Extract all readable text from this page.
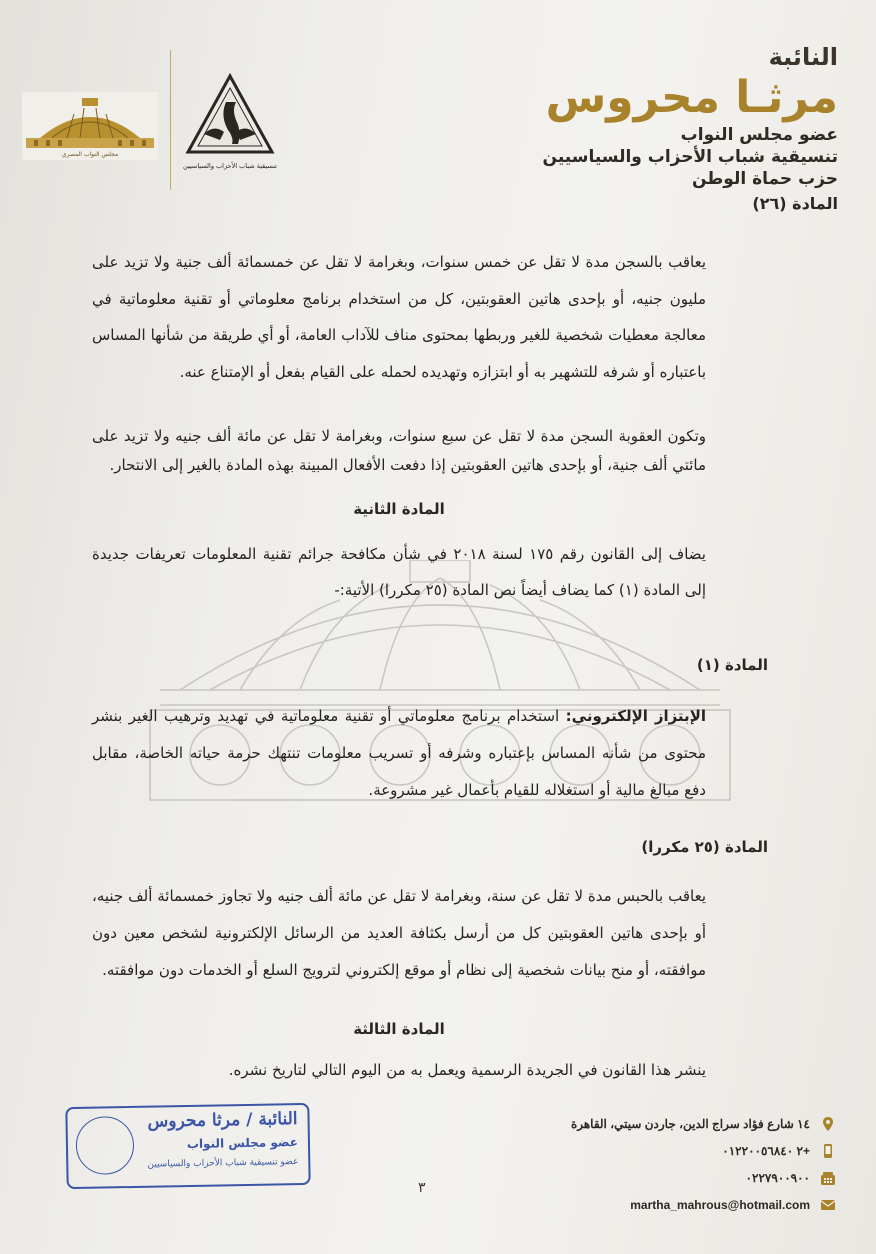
مجلس النواب المصري
تنسيقية شباب الأحزاب والسياسيين
النائبة
مرثـا محروس
عضو مجلس النواب
تنسيقية شباب الأحزاب والسياسيين
حزب حماة الوطن
المادة (٢٦)
يعاقب بالسجن مدة لا تقل عن خمس سنوات، وبغرامة لا تقل عن خمسمائة ألف جنية ولا تزيد على مليون جنيه، أو بإحدى هاتين العقوبتين، كل من استخدام برنامج معلوماتي أو تقنية معلوماتية في معالجة معطيات شخصية للغير وربطها بمحتوى مناف للآداب العامة، أو أي طريقة من شأنها المساس باعتباره أو شرفه للتشهير به أو ابتزازه وتهديده لحمله على القيام بفعل أو الإمتناع عنه.
وتكون العقوبة السجن مدة لا تقل عن سبع سنوات، وبغرامة لا تقل عن مائة ألف جنيه ولا تزيد على مائتي ألف جنية، أو بإحدى هاتين العقوبتين إذا دفعت الأفعال المبينة بهذه المادة بالغير إلى الانتحار.
المادة الثانية
يضاف إلى القانون رقم ١٧٥ لسنة ٢٠١٨ في شأن مكافحة جرائم تقنية المعلومات تعريفات جديدة إلى المادة (١) كما يضاف أيضاً نص المادة (٢٥ مكررا) الأتية:-
المادة (١)
الإبتزاز الإلكتروني: استخدام برنامج معلوماتي أو تقنية معلوماتية في تهديد وترهيب الغير بنشر محتوى من شأنه المساس بإعتباره وشرفه أو تسريب معلومات تنتهك حرمة حياته الخاصة، مقابل دفع مبالغ مالية أو استغلاله للقيام بأعمال غير مشروعة.
المادة (٢٥ مكررا)
يعاقب بالحبس مدة لا تقل عن سنة، وبغرامة لا تقل عن مائة ألف جنيه ولا تجاوز خمسمائة ألف جنيه، أو بإحدى هاتين العقوبتين كل من أرسل بكثافة العديد من الرسائل الإلكترونية لشخص معين دون موافقته، أو منح بيانات شخصية إلى نظام أو موقع إلكتروني لترويج السلع أو الخدمات دون موافقته.
المادة الثالثة
ينشر هذا القانون في الجريدة الرسمية ويعمل به من اليوم التالي لتاريخ نشره.
النائبة / مرثا محروس
عضو مجلس النواب
عضو تنسيقية شباب الأحزاب والسياسيين
١٤ شارع فؤاد سراج الدين، جاردن سيتي، القاهرة
+٢ ٠١٢٢٠٠٥٦٨٤٠
٠٢٢٧٩٠٠٩٠٠
martha_mahrous@hotmail.com
٣
